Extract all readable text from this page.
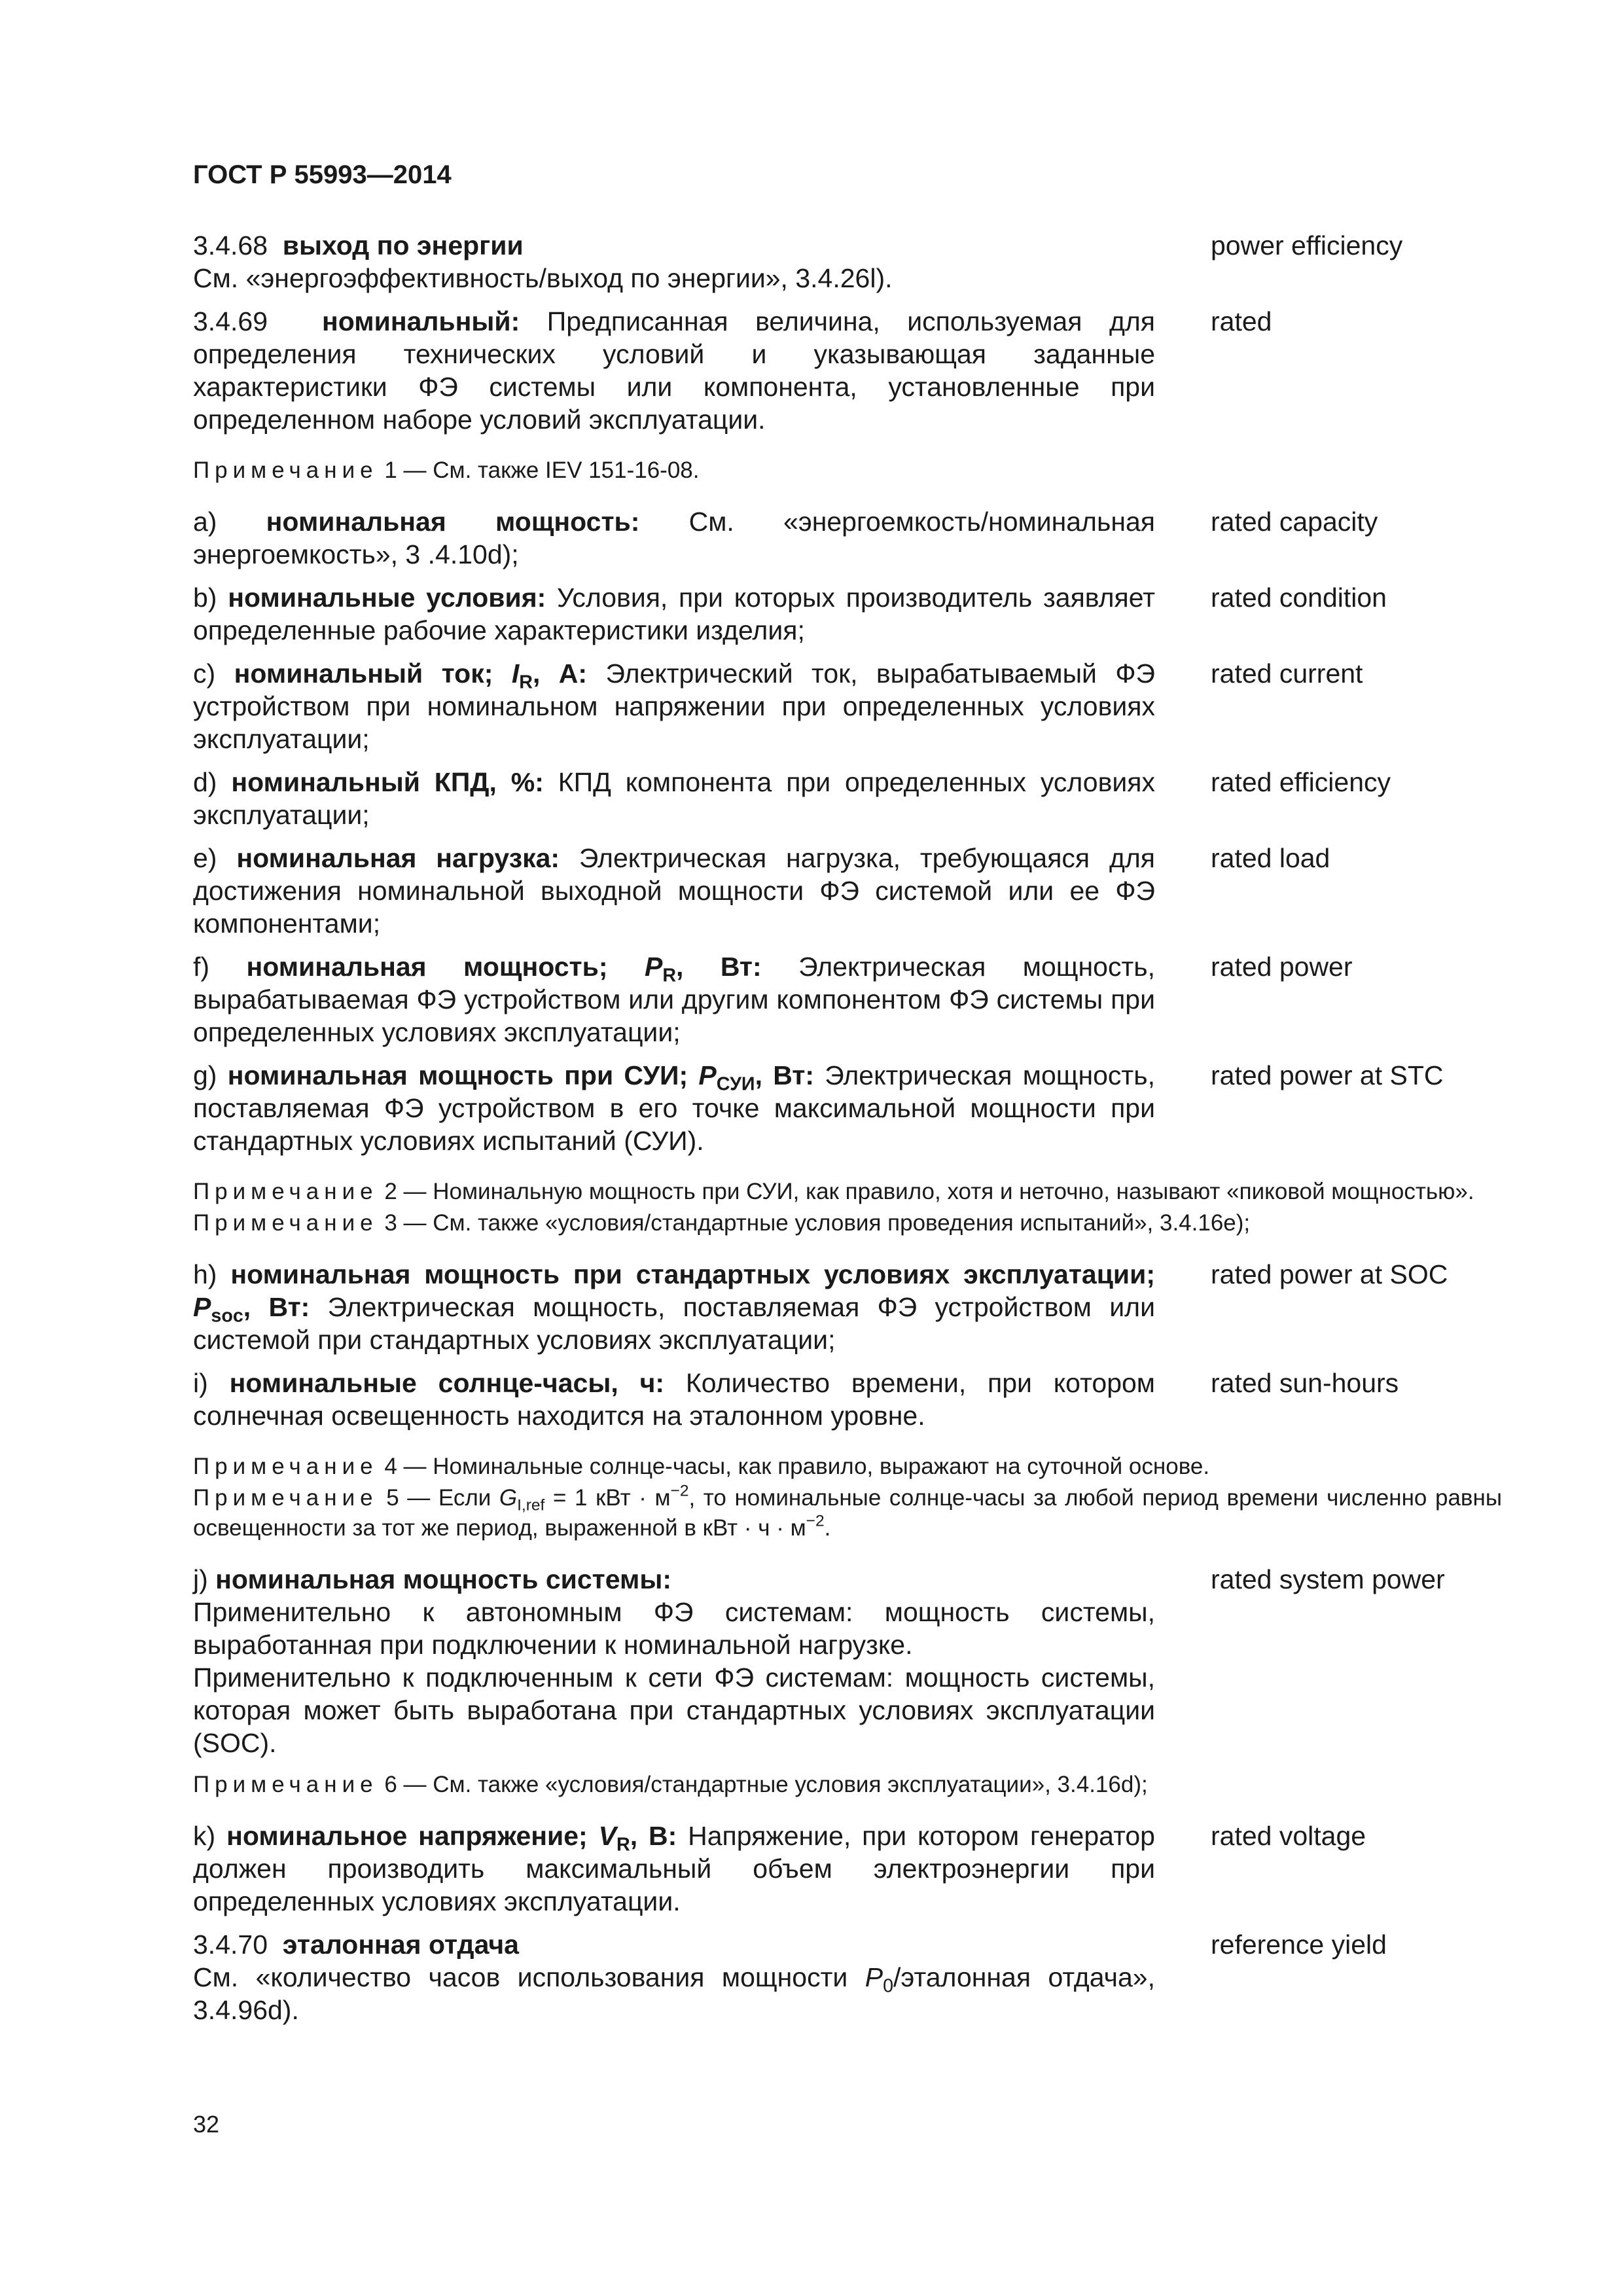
ГОСТ Р 55993—2014
3.4.68 выход по энергии
См. «энергоэффективность/выход по энергии», 3.4.26l).
power efficiency
3.4.69 номинальный: Предписанная величина, используемая для определения технических условий и указывающая заданные характеристики ФЭ системы или компонента, установленные при определенном наборе условий эксплуатации.
rated
Примечание 1 — См. также IEV 151-16-08.
a) номинальная мощность: См. «энергоемкость/номинальная энергоемкость», 3 .4.10d);
rated capacity
b) номинальные условия: Условия, при которых производитель заявляет определенные рабочие характеристики изделия;
rated condition
c) номинальный ток; $I_R$, А: Электрический ток, вырабатываемый ФЭ устройством при номинальном напряжении при определенных условиях эксплуатации;
rated current
d) номинальный КПД, %: КПД компонента при определенных условиях эксплуатации;
rated efficiency
e) номинальная нагрузка: Электрическая нагрузка, требующаяся для достижения номинальной выходной мощности ФЭ системой или ее ФЭ компонентами;
rated load
f) номинальная мощность; $P_R$, Вт: Электрическая мощность, вырабатываемая ФЭ устройством или другим компонентом ФЭ системы при определенных условиях эксплуатации;
rated power
g) номинальная мощность при СУИ; $P_{СУИ}$, Вт: Электрическая мощность, поставляемая ФЭ устройством в его точке максимальной мощности при стандартных условиях испытаний (СУИ).
rated power at STC
Примечание 2 — Номинальную мощность при СУИ, как правило, хотя и неточно, называют «пиковой мощностью».
Примечание 3 — См. также «условия/стандартные условия проведения испытаний», 3.4.16e);
h) номинальная мощность при стандартных условиях эксплуатации; $P_{soc}$, Вт: Электрическая мощность, поставляемая ФЭ устройством или системой при стандартных условиях эксплуатации;
rated power at SOC
i) номинальные солнце-часы, ч: Количество времени, при котором солнечная освещенность находится на эталонном уровне.
rated sun-hours
Примечание 4 — Номинальные солнце-часы, как правило, выражают на суточной основе.
Примечание 5 — Если $G_{I,ref} = 1$ кВт · $м^{-2}$, то номинальные солнце-часы за любой период времени численно равны освещенности за тот же период, выраженной в кВт · $ч \cdot м^{-2}$.
j) номинальная мощность системы:
Применительно к автономным ФЭ системам: мощность системы, выработанная при подключении к номинальной нагрузке.
Применительно к подключенным к сети ФЭ системам: мощность системы, которая может быть выработана при стандартных условиях эксплуатации (SOC).
rated system power
Примечание 6 — См. также «условия/стандартные условия эксплуатации», 3.4.16d);
k) номинальное напряжение; $V_R$, В: Напряжение, при котором генератор должен производить максимальный объем электроэнергии при определенных условиях эксплуатации.
rated voltage
3.4.70 эталонная отдача
См. «количество часов использования мощности $P_0$/эталонная отдача», 3.4.96d).
reference yield
32
